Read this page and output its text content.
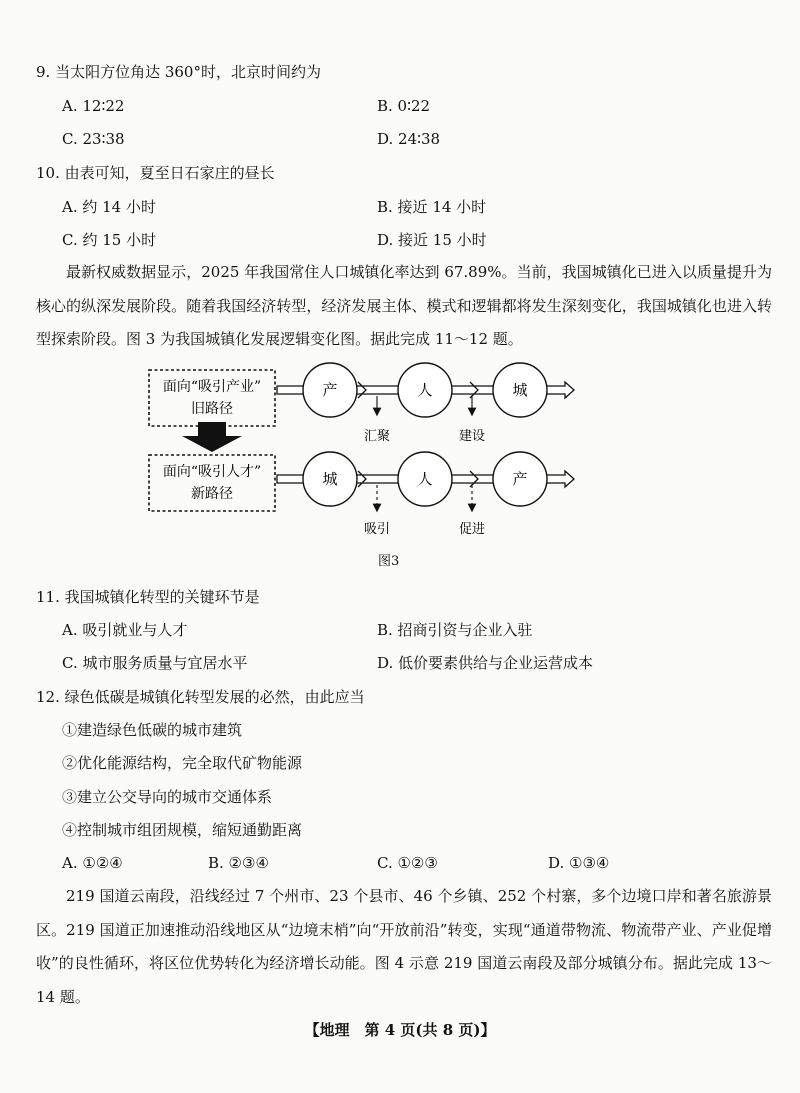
9. 当太阳方位角达 360°时，北京时间约为
A. 12∶22	B. 0∶22
C. 23∶38	D. 24∶38
10. 由表可知，夏至日石家庄的昼长
A. 约 14 小时	B. 接近 14 小时
C. 约 15 小时	D. 接近 15 小时
最新权威数据显示，2025 年我国常住人口城镇化率达到 67.89%。当前，我国城镇化已进入以质量提升为核心的纵深发展阶段。随着我国经济转型，经济发展主体、模式和逻辑都将发生深刻变化，我国城镇化也进入转型探索阶段。图 3 为我国城镇化发展逻辑变化图。据此完成 11～12 题。
面向“吸引产业”
旧路径
产	人	城
汇聚	建设
面向“吸引人才”
新路径
城	人	产
吸引	促进
图3
11. 我国城镇化转型的关键环节是
A. 吸引就业与人才	B. 招商引资与企业入驻
C. 城市服务质量与宜居水平	D. 低价要素供给与企业运营成本
12. 绿色低碳是城镇化转型发展的必然，由此应当
①建造绿色低碳的城市建筑
②优化能源结构，完全取代矿物能源
③建立公交导向的城市交通体系
④控制城市组团规模，缩短通勤距离
A. ①②④	B. ②③④	C. ①②③	D. ①③④
219 国道云南段，沿线经过 7 个州市、23 个县市、46 个乡镇、252 个村寨，多个边境口岸和著名旅游景区。219 国道正加速推动沿线地区从“边境末梢”向“开放前沿”转变，实现“通道带物流、物流带产业、产业促增收”的良性循环，将区位优势转化为经济增长动能。图 4 示意 219 国道云南段及部分城镇分布。据此完成 13～14 题。
【地理　第 4 页(共 8 页)】
